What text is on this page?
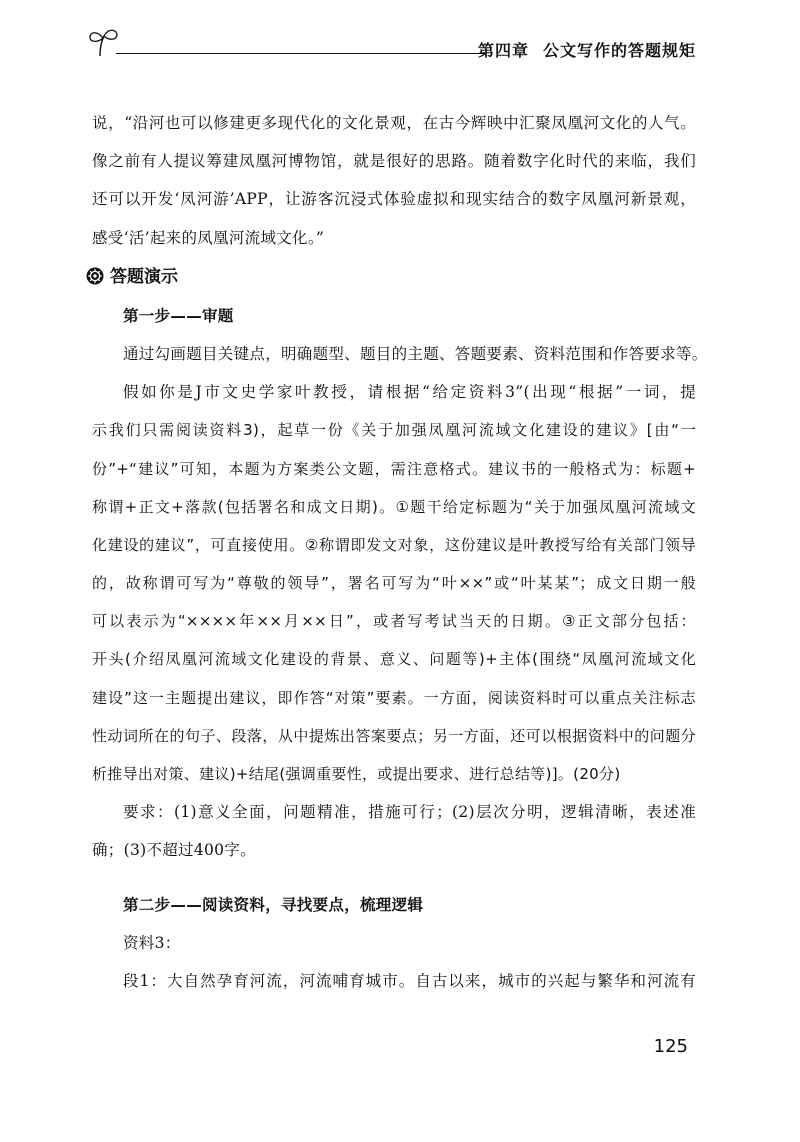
第四章 公文写作的答题规矩
说，“沿河也可以修建更多现代化的文化景观，在古今辉映中汇聚凤凰河文化的人气。
像之前有人提议筹建凤凰河博物馆，就是很好的思路。随着数字化时代的来临，我们
还可以开发‘凤河游’APP，让游客沉浸式体验虚拟和现实结合的数字凤凰河新景观，
感受‘活’起来的凤凰河流域文化。”
答题演示
第一步——审题
通过勾画题目关键点，明确题型、题目的主题、答题要素、资料范围和作答要求等。
假如你是J市文史学家叶教授，请根据“给定资料3”(出现“根据”一词，提
示我们只需阅读资料3)，起草一份《关于加强凤凰河流域文化建设的建议》[由“一
份”+“建议”可知，本题为方案类公文题，需注意格式。建议书的一般格式为：标题+
称谓+正文+落款(包括署名和成文日期)。①题干给定标题为“关于加强凤凰河流域文
化建设的建议”，可直接使用。②称谓即发文对象，这份建议是叶教授写给有关部门领导
的，故称谓可写为“尊敬的领导”，署名可写为“叶××”或“叶某某”；成文日期一般
可以表示为“××××年××月××日”，或者写考试当天的日期。③正文部分包括：
开头(介绍凤凰河流域文化建设的背景、意义、问题等)+主体(围绕“凤凰河流域文化
建设”这一主题提出建议，即作答“对策”要素。一方面，阅读资料时可以重点关注标志
性动词所在的句子、段落，从中提炼出答案要点；另一方面，还可以根据资料中的问题分
析推导出对策、建议)+结尾(强调重要性，或提出要求、进行总结等)]。(20分)
要求：(1)意义全面，问题精准，措施可行；(2)层次分明，逻辑清晰，表述准
确；(3)不超过400字。
第二步——阅读资料，寻找要点，梳理逻辑
资料3：
段1：大自然孕育河流，河流哺育城市。自古以来，城市的兴起与繁华和河流有
125
